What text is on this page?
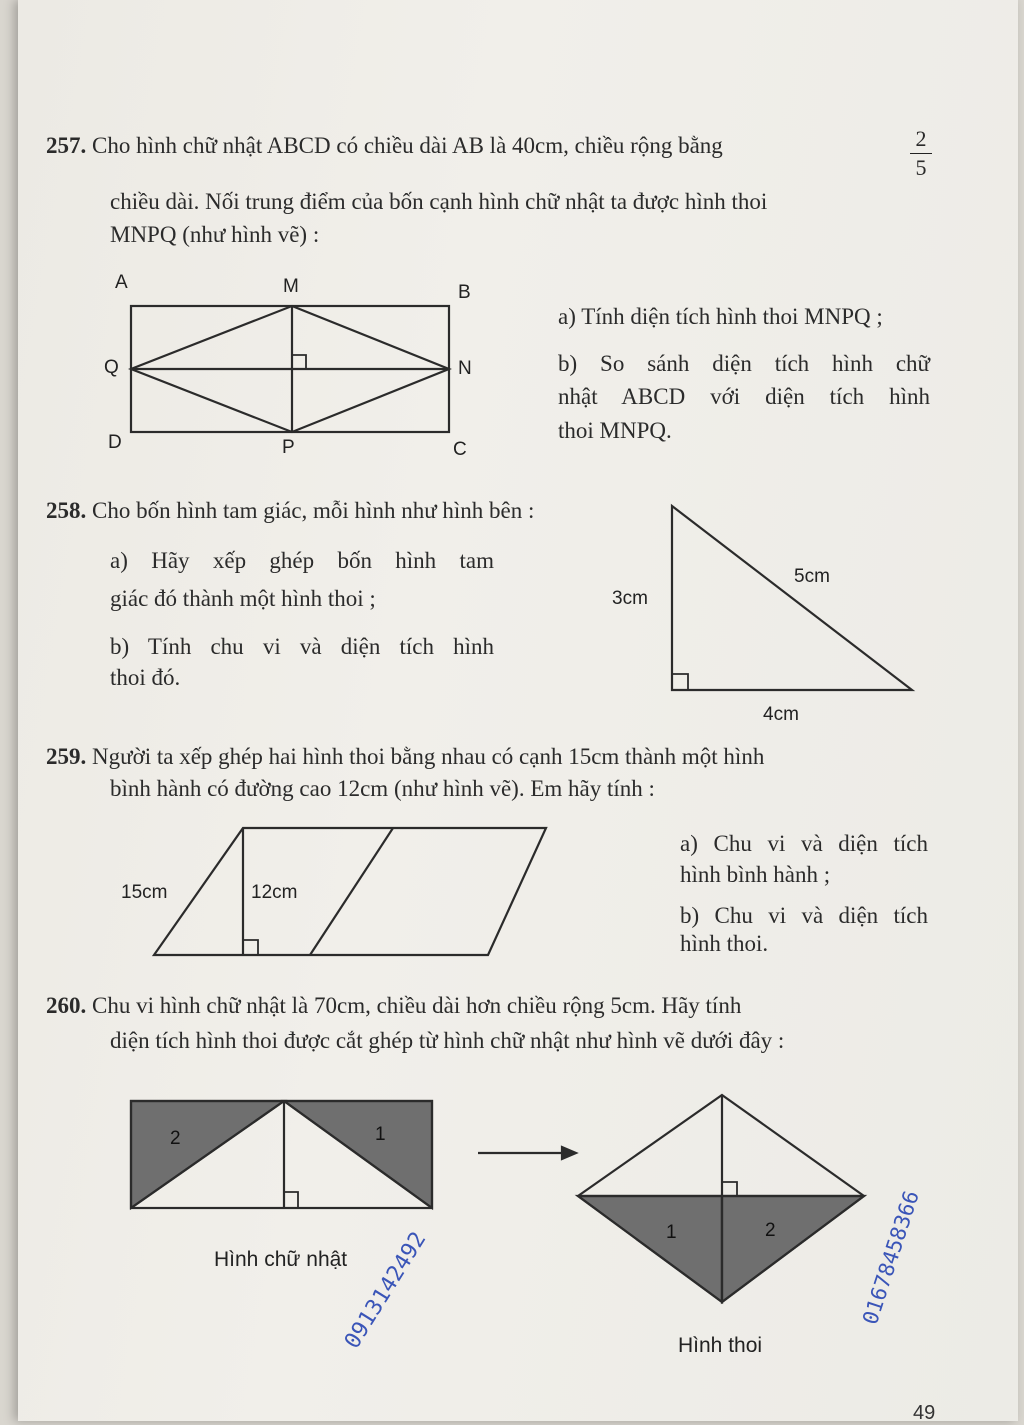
257. Cho hình chữ nhật ABCD có chiều dài AB là 40cm, chiều rộng bằng	2
5
chiều dài. Nối trung điểm của bốn cạnh hình chữ nhật ta được hình thoi
MNPQ (như hình vẽ) :
A	M	B
Q	N
D	P	C
a) Tính diện tích hình thoi MNPQ ;
b) So sánh diện tích hình chữ
nhật ABCD với diện tích hình
thoi MNPQ.
258. Cho bốn hình tam giác, mỗi hình như hình bên :
a) Hãy xếp ghép bốn hình tam
giác đó thành một hình thoi ;
b) Tính chu vi và diện tích hình
thoi đó.
3cm
5cm
4cm
259. Người ta xếp ghép hai hình thoi bằng nhau có cạnh 15cm thành một hình
bình hành có đường cao 12cm (như hình vẽ). Em hãy tính :
15cm	12cm
a) Chu vi và diện tích
hình bình hành ;
b) Chu vi và diện tích
hình thoi.
260. Chu vi hình chữ nhật là 70cm, chiều dài hơn chiều rộng 5cm. Hãy tính
diện tích hình thoi được cắt ghép từ hình chữ nhật như hình vẽ dưới đây :
2	1
1	2
Hình chữ nhật
Hình thoi
0913142492	01678458366
49
